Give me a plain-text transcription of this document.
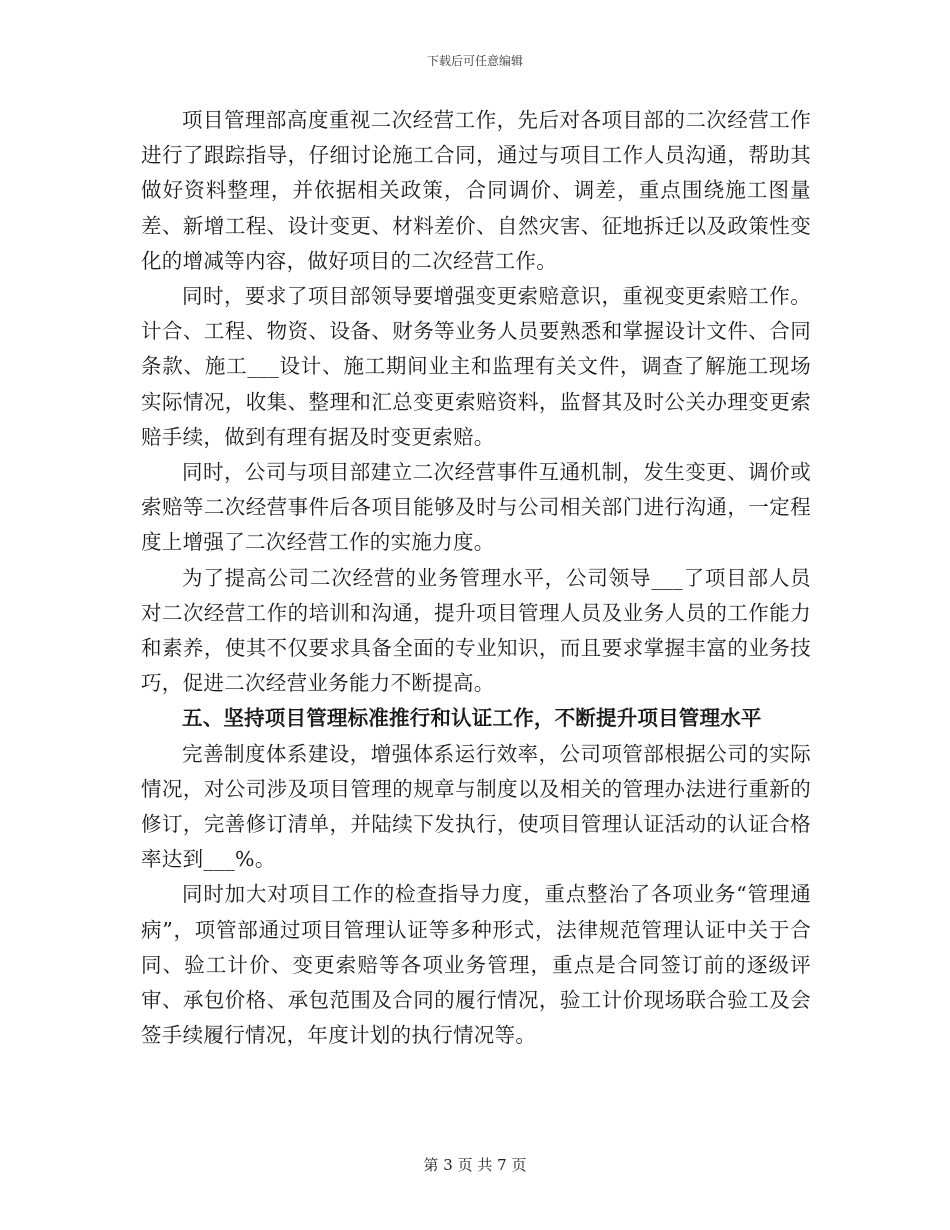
下载后可任意编辑

项目管理部高度重视二次经营工作，先后对各项目部的二次经营工作进行了跟踪指导，仔细讨论施工合同，通过与项目工作人员沟通，帮助其做好资料整理，并依据相关政策，合同调价、调差，重点围绕施工图量差、新增工程、设计变更、材料差价、自然灾害、征地拆迁以及政策性变化的增减等内容，做好项目的二次经营工作。

同时，要求了项目部领导要增强变更索赔意识，重视变更索赔工作。计合、工程、物资、设备、财务等业务人员要熟悉和掌握设计文件、合同条款、施工___设计、施工期间业主和监理有关文件，调查了解施工现场实际情况，收集、整理和汇总变更索赔资料，监督其及时公关办理变更索赔手续，做到有理有据及时变更索赔。

同时，公司与项目部建立二次经营事件互通机制，发生变更、调价或索赔等二次经营事件后各项目能够及时与公司相关部门进行沟通，一定程度上增强了二次经营工作的实施力度。

为了提高公司二次经营的业务管理水平，公司领导___了项目部人员对二次经营工作的培训和沟通，提升项目管理人员及业务人员的工作能力和素养，使其不仅要求具备全面的专业知识，而且要求掌握丰富的业务技巧，促进二次经营业务能力不断提高。

五、坚持项目管理标准推行和认证工作，不断提升项目管理水平

完善制度体系建设，增强体系运行效率，公司项管部根据公司的实际情况，对公司涉及项目管理的规章与制度以及相关的管理办法进行重新的修订，完善修订清单，并陆续下发执行，使项目管理认证活动的认证合格率达到___%。

同时加大对项目工作的检查指导力度，重点整治了各项业务“管理通病”，项管部通过项目管理认证等多种形式，法律规范管理认证中关于合同、验工计价、变更索赔等各项业务管理，重点是合同签订前的逐级评审、承包价格、承包范围及合同的履行情况，验工计价现场联合验工及会签手续履行情况，年度计划的执行情况等。

第 3 页 共 7 页
